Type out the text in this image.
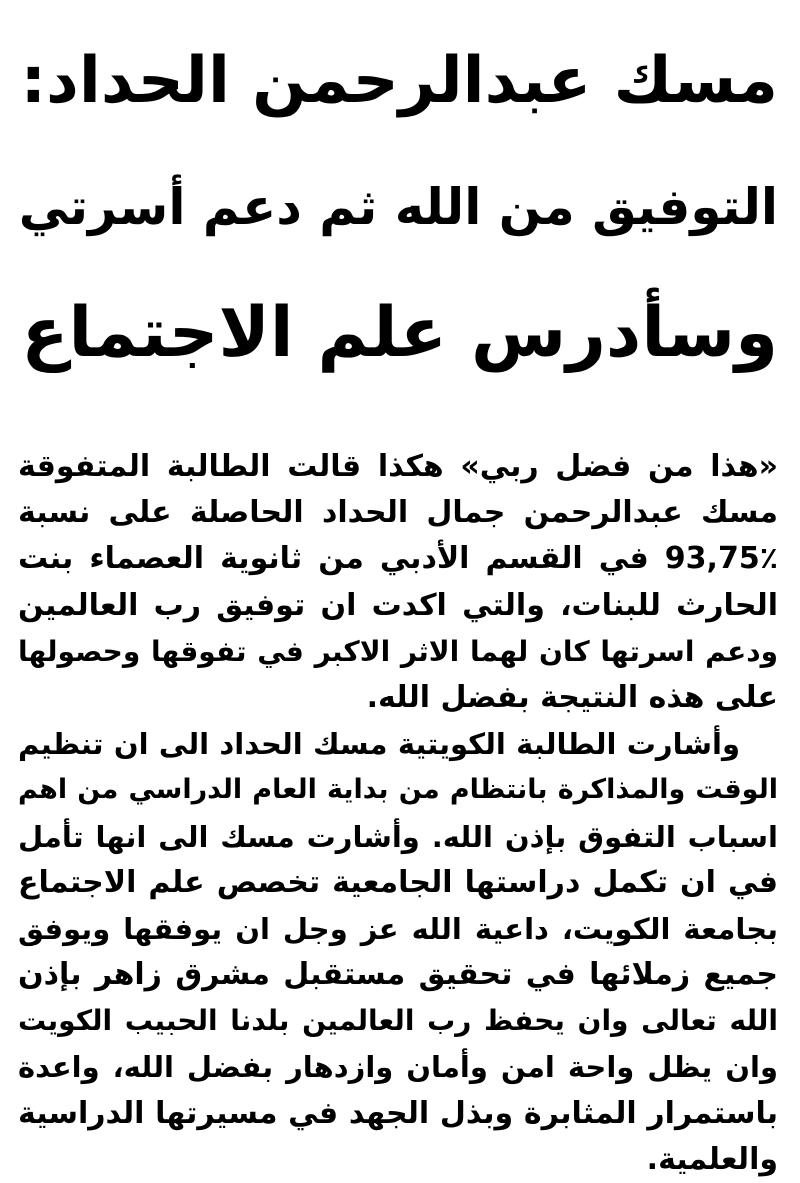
مسك عبدالرحمن الحداد:
التوفيق من الله ثم دعم أسرتي
وسأدرس علم الاجتماع
«هذا من فضل ربي» هكذا قالت الطالبة المتفوقة
مسك عبدالرحمن جمال الحداد الحاصلة على نسبة
93,75٪ في القسم الأدبي من ثانوية العصماء بنت
الحارث للبنات، والتي اكدت ان توفيق رب العالمين
ودعم اسرتها كان لهما الاثر الاكبر في تفوقها وحصولها
على هذه النتيجة بفضل الله.
وأشارت الطالبة الكويتية مسك الحداد الى ان تنظيم
الوقت والمذاكرة بانتظام من بداية العام الدراسي من اهم
اسباب التفوق بإذن الله. وأشارت مسك الى انها تأمل
في ان تكمل دراستها الجامعية تخصص علم الاجتماع
بجامعة الكويت، داعية الله عز وجل ان يوفقها ويوفق
جميع زملائها في تحقيق مستقبل مشرق زاهر بإذن
الله تعالى وان يحفظ رب العالمين بلدنا الحبيب الكويت
وان يظل واحة امن وأمان وازدهار بفضل الله، واعدة
باستمرار المثابرة وبذل الجهد في مسيرتها الدراسية
والعلمية.
